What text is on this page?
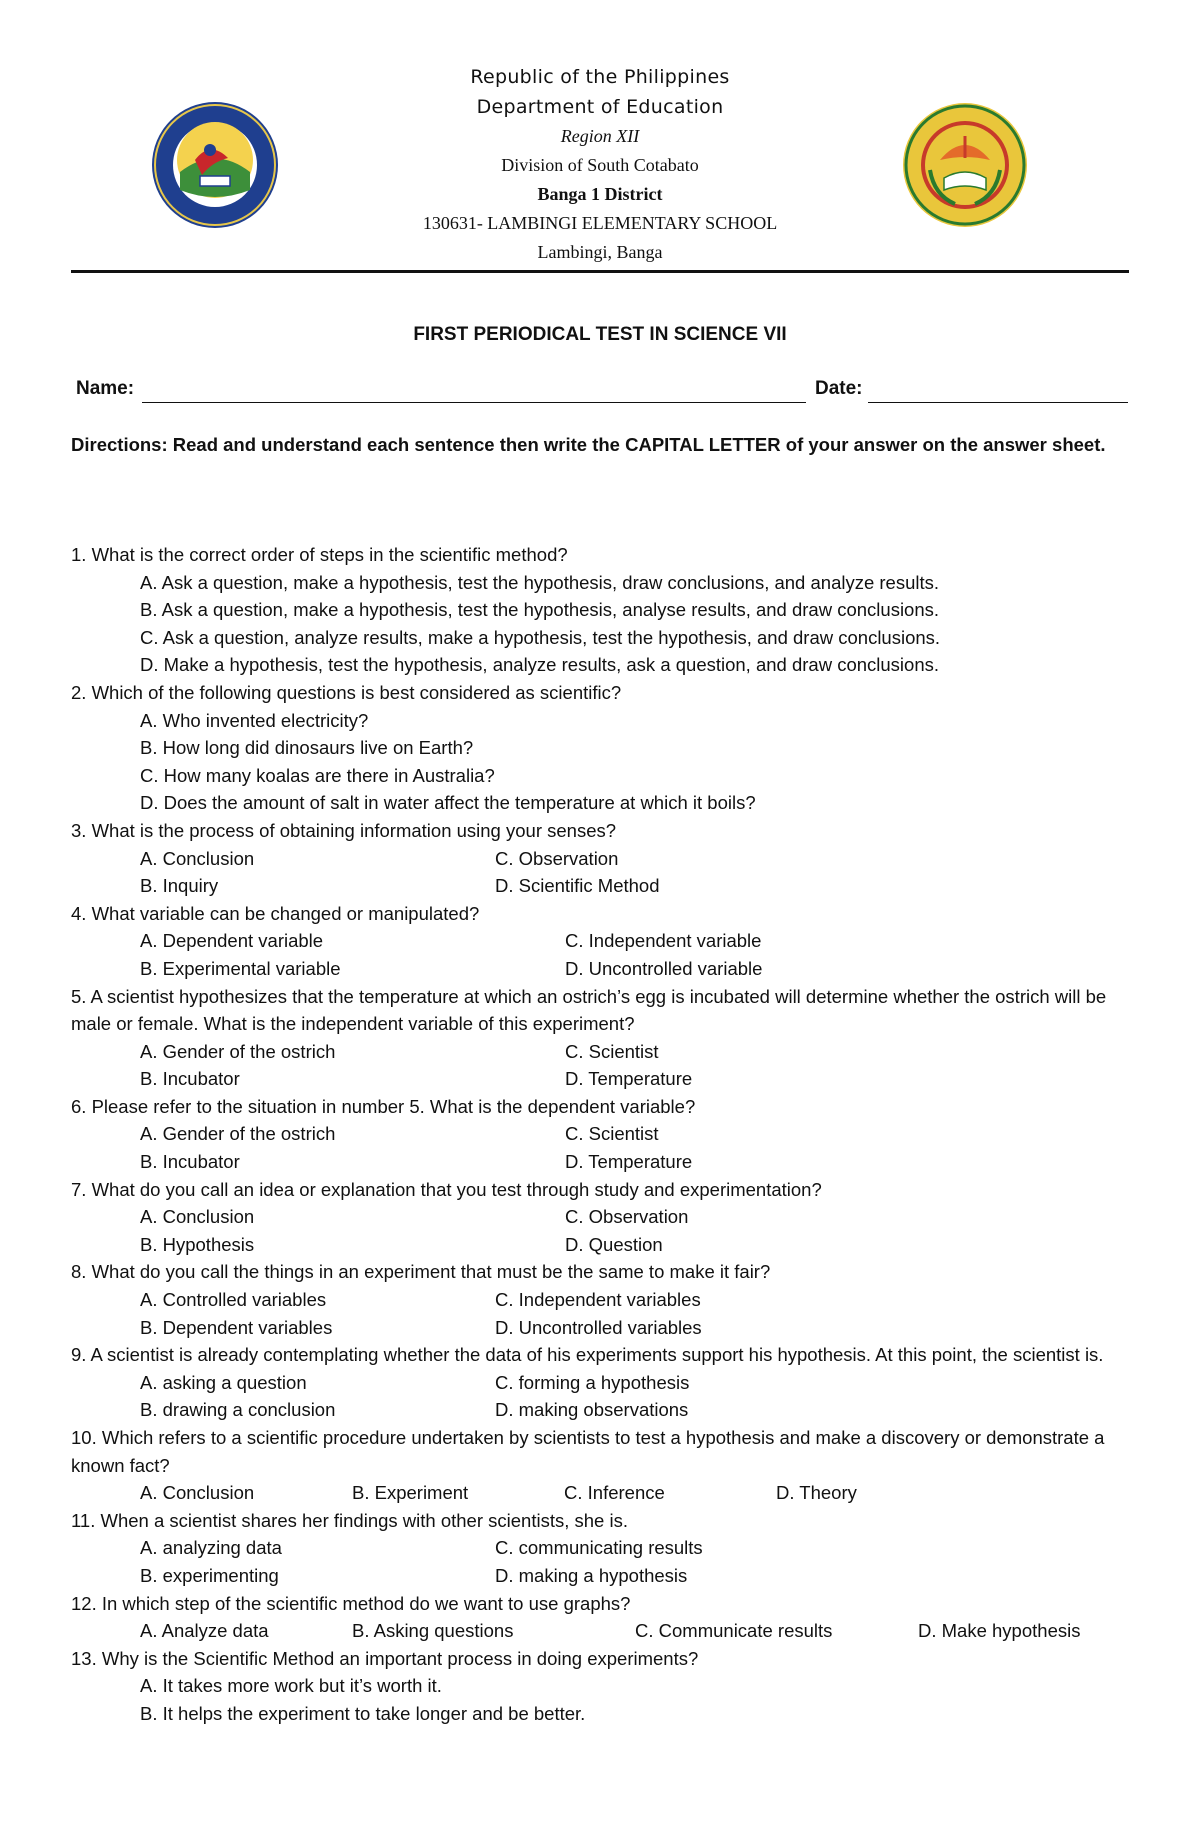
Republic of the Philippines
Department of Education
Region XII
Division of South Cotabato
Banga 1 District
130631- LAMBINGI ELEMENTARY SCHOOL
Lambingi, Banga
FIRST PERIODICAL TEST IN SCIENCE VII
Name:	Date:
Directions: Read and understand each sentence then write the CAPITAL LETTER of your answer on the answer sheet.
1. What is the correct order of steps in the scientific method?
A. Ask a question, make a hypothesis, test the hypothesis, draw conclusions, and analyze results.
B. Ask a question, make a hypothesis, test the hypothesis, analyse results, and draw conclusions.
C. Ask a question, analyze results, make a hypothesis, test the hypothesis, and draw conclusions.
D. Make a hypothesis, test the hypothesis, analyze results, ask a question, and draw conclusions.
2. Which of the following questions is best considered as scientific?
A. Who invented electricity?
B. How long did dinosaurs live on Earth?
C. How many koalas are there in Australia?
D. Does the amount of salt in water affect the temperature at which it boils?
3. What is the process of obtaining information using your senses?
A. Conclusion	C. Observation
B. Inquiry	D. Scientific Method
4. What variable can be changed or manipulated?
A. Dependent variable	C. Independent variable
B. Experimental variable	D. Uncontrolled variable
5. A scientist hypothesizes that the temperature at which an ostrich’s egg is incubated will determine whether the ostrich will be male or female. What is the independent variable of this experiment?
A. Gender of the ostrich	C. Scientist
B. Incubator	D. Temperature
6. Please refer to the situation in number 5. What is the dependent variable?
A. Gender of the ostrich	C. Scientist
B. Incubator	D. Temperature
7. What do you call an idea or explanation that you test through study and experimentation?
A. Conclusion	C. Observation
B. Hypothesis	D. Question
8. What do you call the things in an experiment that must be the same to make it fair?
A. Controlled variables	C. Independent variables
B. Dependent variables	D. Uncontrolled variables
9. A scientist is already contemplating whether the data of his experiments support his hypothesis. At this point, the scientist is.
A. asking a question	C. forming a hypothesis
B. drawing a conclusion	D. making observations
10. Which refers to a scientific procedure undertaken by scientists to test a hypothesis and make a discovery or demonstrate a known fact?
A. Conclusion	B. Experiment	C. Inference	D. Theory
11. When a scientist shares her findings with other scientists, she is.
A. analyzing data	C. communicating results
B. experimenting	D. making a hypothesis
12. In which step of the scientific method do we want to use graphs?
A. Analyze data	B. Asking questions	C. Communicate results	D. Make hypothesis
13. Why is the Scientific Method an important process in doing experiments?
A. It takes more work but it’s worth it.
B. It helps the experiment to take longer and be better.
